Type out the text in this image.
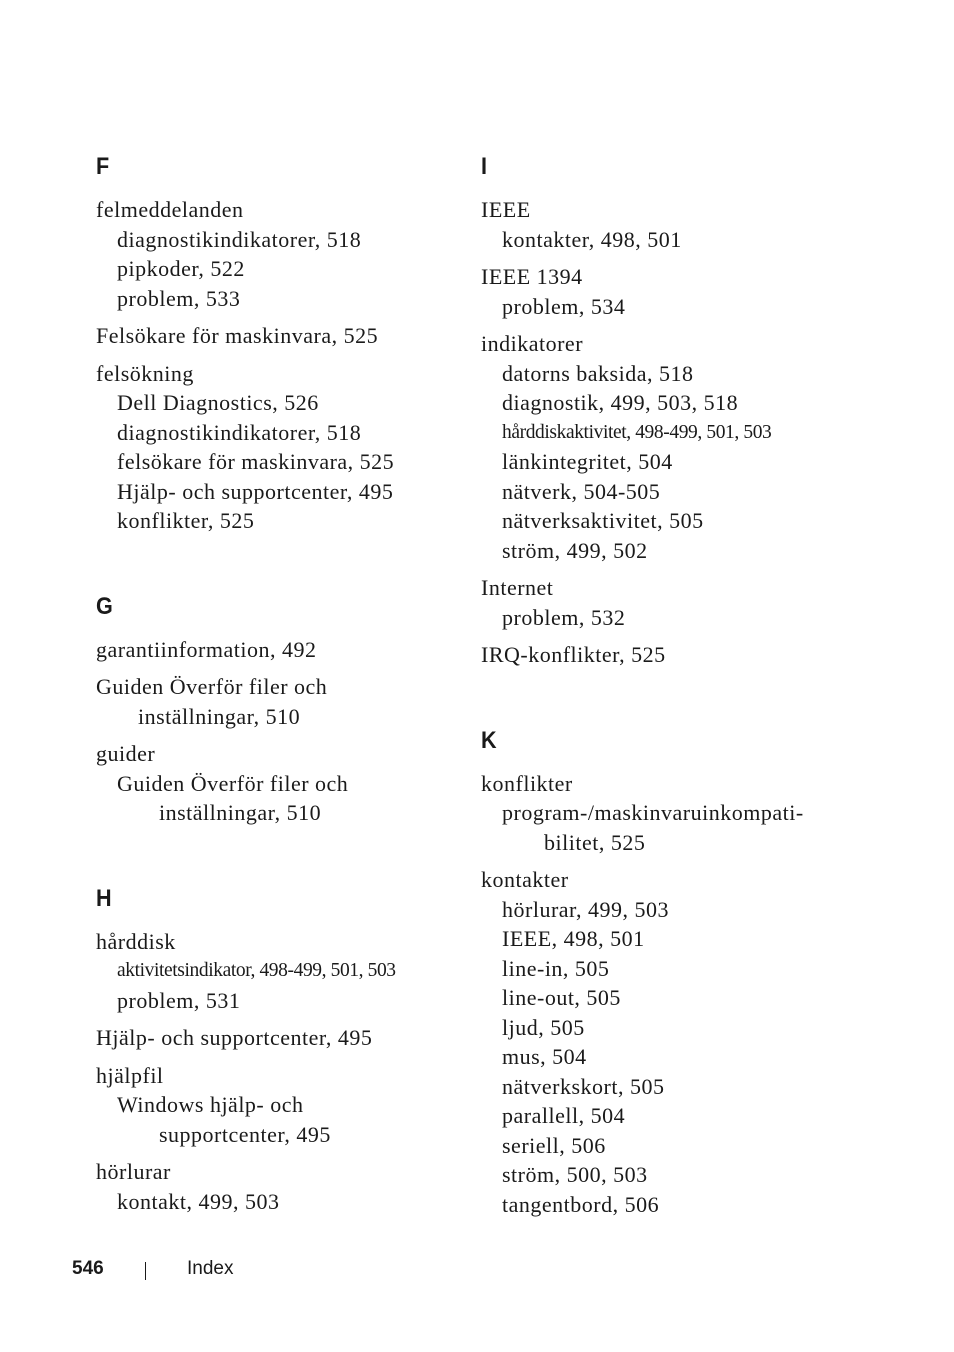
F
felmeddelanden
diagnostikindikatorer, 518
pipkoder, 522
problem, 533
Felsökare för maskinvara, 525
felsökning
Dell Diagnostics, 526
diagnostikindikatorer, 518
felsökare för maskinvara, 525
Hjälp- och supportcenter, 495
konflikter, 525
G
garantiinformation, 492
Guiden Överför filer och
inställningar, 510
guider
Guiden Överför filer och
inställningar, 510
H
hårddisk
aktivitetsindikator, 498-499, 501, 503
problem, 531
Hjälp- och supportcenter, 495
hjälpfil
Windows hjälp- och
supportcenter, 495
hörlurar
kontakt, 499, 503
I
IEEE
kontakter, 498, 501
IEEE 1394
problem, 534
indikatorer
datorns baksida, 518
diagnostik, 499, 503, 518
hårddiskaktivitet, 498-499, 501, 503
länkintegritet, 504
nätverk, 504-505
nätverksaktivitet, 505
ström, 499, 502
Internet
problem, 532
IRQ-konflikter, 525
K
konflikter
program-/maskinvaruinkompati-
bilitet, 525
kontakter
hörlurar, 499, 503
IEEE, 498, 501
line-in, 505
line-out, 505
ljud, 505
mus, 504
nätverkskort, 505
parallell, 504
seriell, 506
ström, 500, 503
tangentbord, 506
546	Index
